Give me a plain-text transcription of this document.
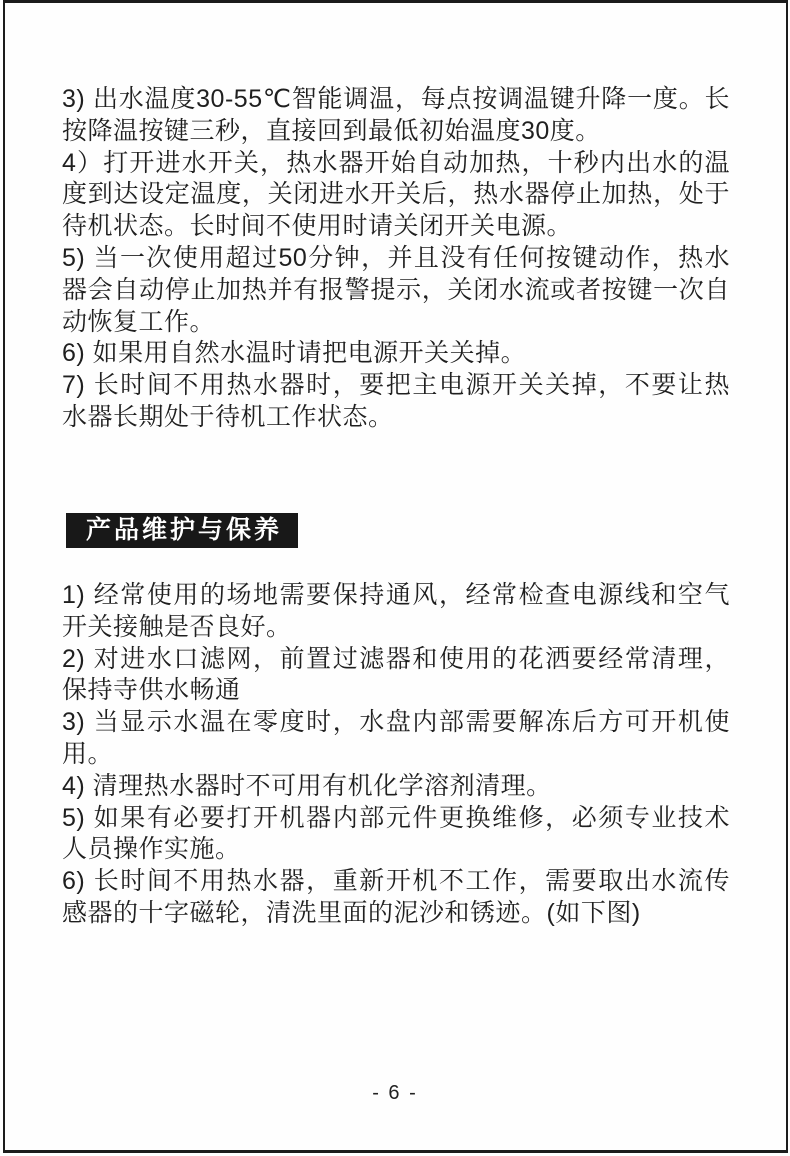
3) 出水温度30-55℃智能调温，每点按调温键升降一度。长按降温按键三秒，直接回到最低初始温度30度。

4）打开进水开关，热水器开始自动加热，十秒内出水的温度到达设定温度，关闭进水开关后，热水器停止加热，处于待机状态。长时间不使用时请关闭开关电源。

5) 当一次使用超过50分钟，并且没有任何按键动作，热水器会自动停止加热并有报警提示，关闭水流或者按键一次自动恢复工作。

6) 如果用自然水温时请把电源开关关掉。

7) 长时间不用热水器时，要把主电源开关关掉，不要让热水器长期处于待机工作状态。

产品维护与保养

1) 经常使用的场地需要保持通风，经常检查电源线和空气开关接触是否良好。

2) 对进水口滤网，前置过滤器和使用的花洒要经常清理，保持寺供水畅通

3) 当显示水温在零度时，水盘内部需要解冻后方可开机使用。

4) 清理热水器时不可用有机化学溶剂清理。

5) 如果有必要打开机器内部元件更换维修，必须专业技术人员操作实施。

6) 长时间不用热水器，重新开机不工作，需要取出水流传感器的十字磁轮，清洗里面的泥沙和锈迹。(如下图)

- 6 -
